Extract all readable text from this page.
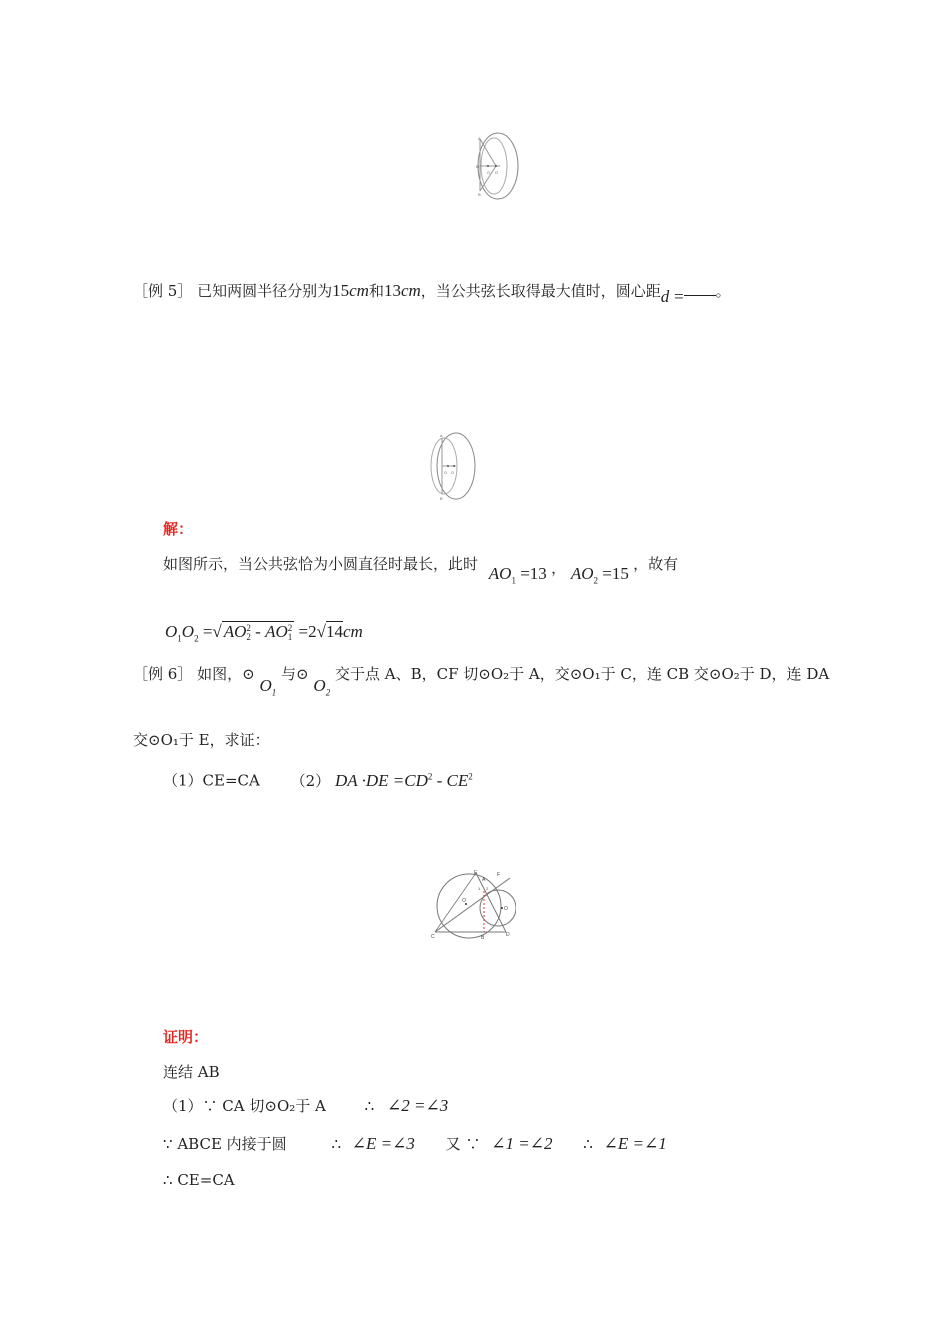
A
M
B
O O
［例 5］ 已知两圆半径分别为15cm和13cm，当公共弦长取得最大值时，圆心距d = 。
A
B
O O
解：
如图所示，当公共弦恰为小圆直径时最长，此时 $AO_1 =13$ ， $AO_2 =15$ ，故有
$O_1O_2$ =√ AO 2
2 - AO 2
1 =2√14cm
［例 6］ 如图，⊙ $O_1$ 与⊙ $O_2$ 交于点 A、B，CF 切⊙O₂于 A，交⊙O₁于 C，连 CB 交⊙O₂于 D，连 DA
交⊙O₁于 E，求证：
（1）CE=CA （2） DA $\cdot DE =CD^2 - CE^2$
E
A
F
O
O
C	B	D
1 2
证明：
连结 AB
（1）∵ CA 切⊙O₂于 A	∴ ∠2 =∠3
∵ ABCE 内接于圆	∴ ∠E =∠3 又 ∵ ∠1 =∠2 ∴ ∠E =∠1
∴ CE=CA
